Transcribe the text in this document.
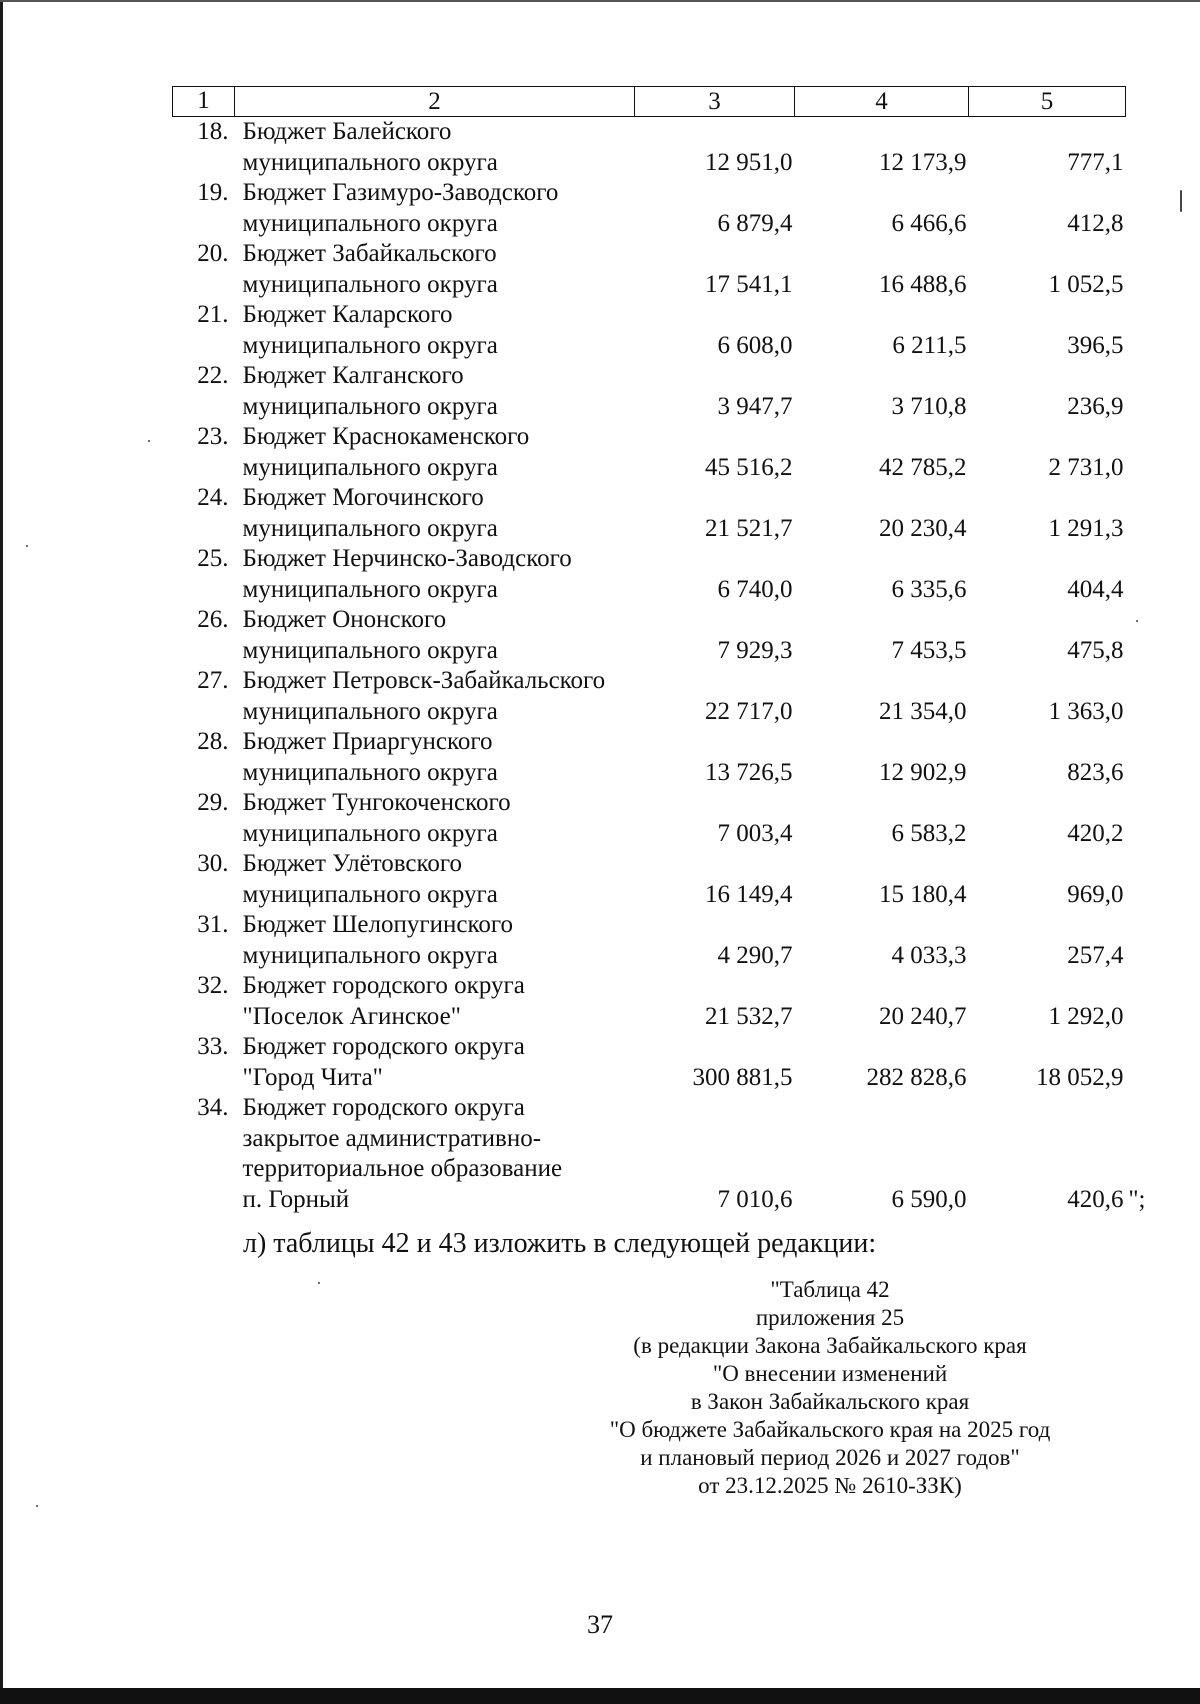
1	2	3	4	5
18.	Бюджет Балейского
муниципального округа	12 951,0	12 173,9	777,1
19.	Бюджет Газимуро-Заводского
муниципального округа	6 879,4	6 466,6	412,8
20.	Бюджет Забайкальского
муниципального округа	17 541,1	16 488,6	1 052,5
21.	Бюджет Каларского
муниципального округа	6 608,0	6 211,5	396,5
22.	Бюджет Калганского
муниципального округа	3 947,7	3 710,8	236,9
23.	Бюджет Краснокаменского
муниципального округа	45 516,2	42 785,2	2 731,0
24.	Бюджет Могочинского
муниципального округа	21 521,7	20 230,4	1 291,3
25.	Бюджет Нерчинско-Заводского
муниципального округа	6 740,0	6 335,6	404,4
26.	Бюджет Ононского
муниципального округа	7 929,3	7 453,5	475,8
27.	Бюджет Петровск-Забайкальского
муниципального округа	22 717,0	21 354,0	1 363,0
28.	Бюджет Приаргунского
муниципального округа	13 726,5	12 902,9	823,6
29.	Бюджет Тунгокоченского
муниципального округа	7 003,4	6 583,2	420,2
30.	Бюджет Улётовского
муниципального округа	16 149,4	15 180,4	969,0
31.	Бюджет Шелопугинского
муниципального округа	4 290,7	4 033,3	257,4
32.	Бюджет городского округа
"Поселок Агинское"	21 532,7	20 240,7	1 292,0
33.	Бюджет городского округа
"Город Чита"	300 881,5	282 828,6	18 052,9
34.	Бюджет городского округа
закрытое административно-
территориальное образование
п. Горный	7 010,6	6 590,0	420,6 ";
л) таблицы 42 и 43 изложить в следующей редакции:
"Таблица 42
приложения 25
(в редакции Закона Забайкальского края
"О внесении изменений
в Закон Забайкальского края
"О бюджете Забайкальского края на 2025 год
и плановый период 2026 и 2027 годов"
от 23.12.2025 № 2610-ЗЗК)
37
